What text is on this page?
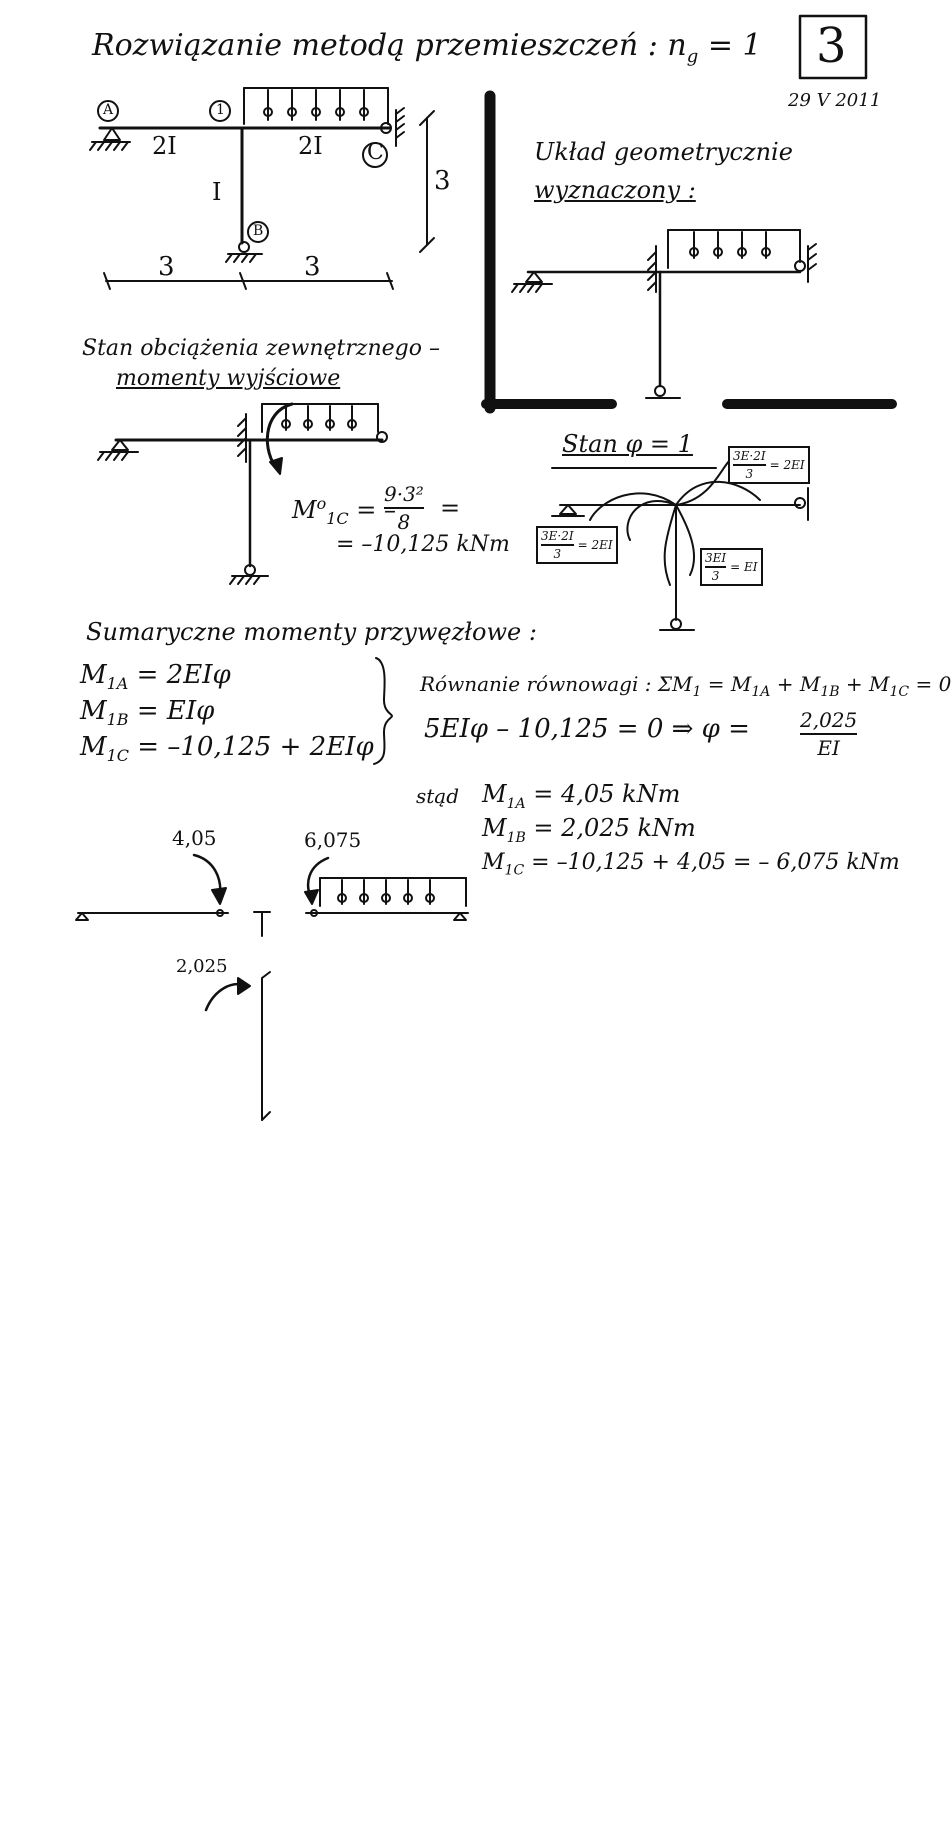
Rozwiązanie metodą przemieszczeń : $n_g = 1$ 3
29 V 2011
A	1
B
C
2I	2I
I	3
3	3
Układ geometrycznie
wyznaczony :
Stan obciążenia zewnętrznego –
momenty wyjściowe
$M^o_{1C}$ = –
9·3²
8	=
= –10,125 kNm
Stan φ = 1	3E·2I
3
= 2EI
3E·2I
3
= 2EI
3EI
3
= EI
Sumaryczne momenty przywęzłowe :
$M_{1A} = 2EI\varphi$
$M_{1B} = EI\varphi$
$M_{1C} = -10,125 + 2EI\varphi$
Równanie równowagi : $\Sigma M_1 = M_{1A} + M_{1B} + M_{1C} = 0$
5EIφ – 10,125 = 0 ⇒ φ =	2,025
EI
stąd $M_{1A} = 4,05$ kNm
$M_{1B} = 2,025$ kNm
$M_{1C} = -10,125 + 4,05$ = – 6,075 kNm
4,05	6,075
2,025
